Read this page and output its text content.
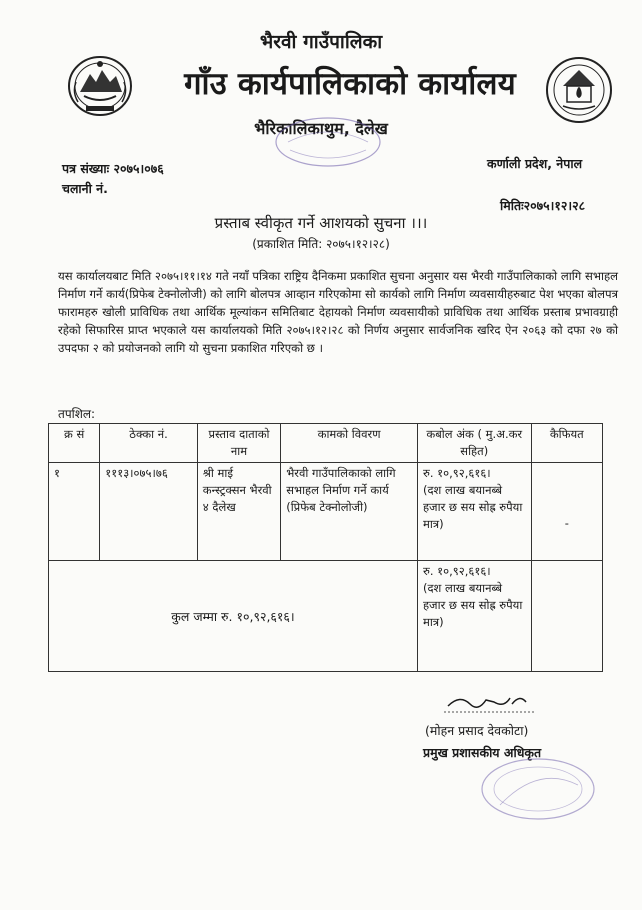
भैरवी गाउँपालिका
गाँउ कार्यपालिकाको कार्यालय
भैरिकालिकाथुम, दैलेख
पत्र संख्याः २०७५।०७६
चलानी नं.
कर्णाली प्रदेश, नेपाल
मितिः२०७५।१२।२८
प्रस्ताब स्वीकृत गर्ने आशयको सुचना ।।।
(प्रकाशित मिति: २०७५।१२।२८)
यस कार्यालयबाट मिति २०७५।११।१४ गते नयाँ पत्रिका राष्ट्रिय दैनिकमा प्रकाशित सुचना अनुसार यस भैरवी गाउँपालिकाको लागि सभाहल निर्माण गर्ने कार्य(प्रिफेब टेक्नोलोजी) को लागि बोलपत्र आव्हान गरिएकोमा सो कार्यको लागि निर्माण व्यवसायीहरुबाट पेश भएका बोलपत्र फारामहरु खोली प्राविधिक तथा आर्थिक मूल्यांकन समितिबाट देहायको निर्माण व्यवसायीको प्राविधिक तथा आर्थिक प्रस्ताब प्रभावग्राही रहेको सिफारिस प्राप्त भएकाले यस कार्यालयको मिति २०७५।१२।२८ को निर्णय अनुसार सार्वजनिक खरिद ऐन २०६३ को दफा २७ को उपदफा २ को प्रयोजनको लागि यो सुचना प्रकाशित गरिएको छ ।
तपशिल:
क्र सं	ठेक्का नं.	प्रस्ताव दाताको नाम	कामको विवरण	कबोल अंक ( मु.अ.कर सहित)	कैफियत
१	१११३।०७५।७६	श्री माई कन्स्ट्रक्सन भैरवी ४ दैलेख	भैरवी गाउँपालिकाको लागि सभाहल निर्माण गर्ने कार्य (प्रिफेब टेक्नोलोजी)	रु. १०,९२,६१६।
(दश लाख बयानब्बे हजार छ सय सोह्र रुपैया मात्र)	-

कुल जम्मा रु. १०,९२,६१६।				रु. १०,९२,६१६।
(दश लाख बयानब्बे हजार छ सय सोह्र रुपैया मात्र)	

(मोहन प्रसाद देवकोटा)
प्रमुख प्रशासकीय अधिकृत
